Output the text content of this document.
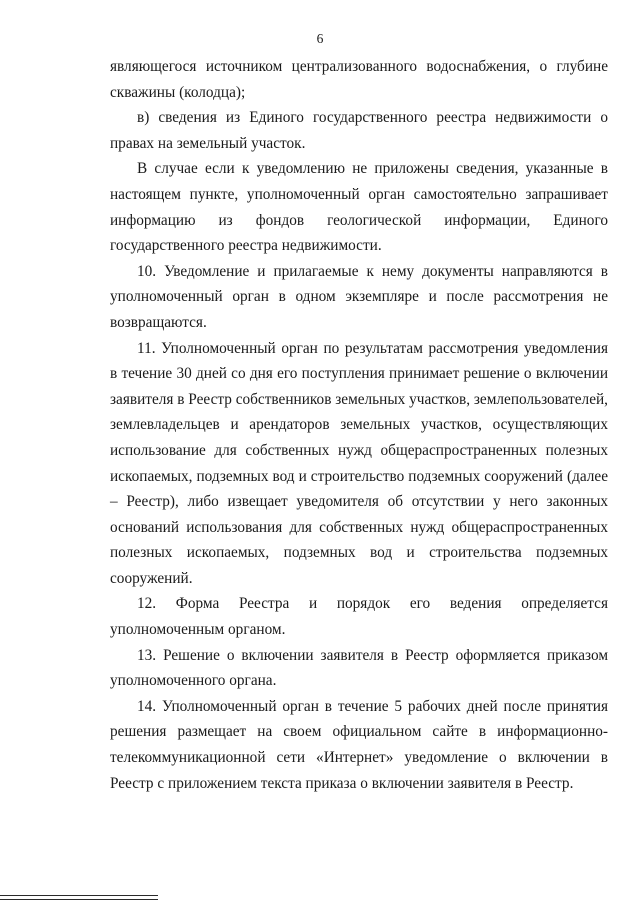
6

являющегося источником централизованного водоснабжения, о глубине скважины (колодца);

в) сведения из Единого государственного реестра недвижимости о правах на земельный участок.

В случае если к уведомлению не приложены сведения, указанные в настоящем пункте, уполномоченный орган самостоятельно запрашивает информацию из фондов геологической информации, Единого государственного реестра недвижимости.

10. Уведомление и прилагаемые к нему документы направляются в уполномоченный орган в одном экземпляре и после рассмотрения не возвращаются.

11. Уполномоченный орган по результатам рассмотрения уведомления в течение 30 дней со дня его поступления принимает решение о включении заявителя в Реестр собственников земельных участков, землепользователей, землевладельцев и арендаторов земельных участков, осуществляющих использование для собственных нужд общераспространенных полезных ископаемых, подземных вод и строительство подземных сооружений (далее – Реестр), либо извещает уведомителя об отсутствии у него законных оснований использования для собственных нужд общераспространенных полезных ископаемых, подземных вод и строительства подземных сооружений.

12. Форма Реестра и порядок его ведения определяется уполномоченным органом.

13. Решение о включении заявителя в Реестр оформляется приказом уполномоченного органа.

14. Уполномоченный орган в течение 5 рабочих дней после принятия решения размещает на своем официальном сайте в информационно-телекоммуникационной сети «Интернет» уведомление о включении в Реестр с приложением текста приказа о включении заявителя в Реестр.
